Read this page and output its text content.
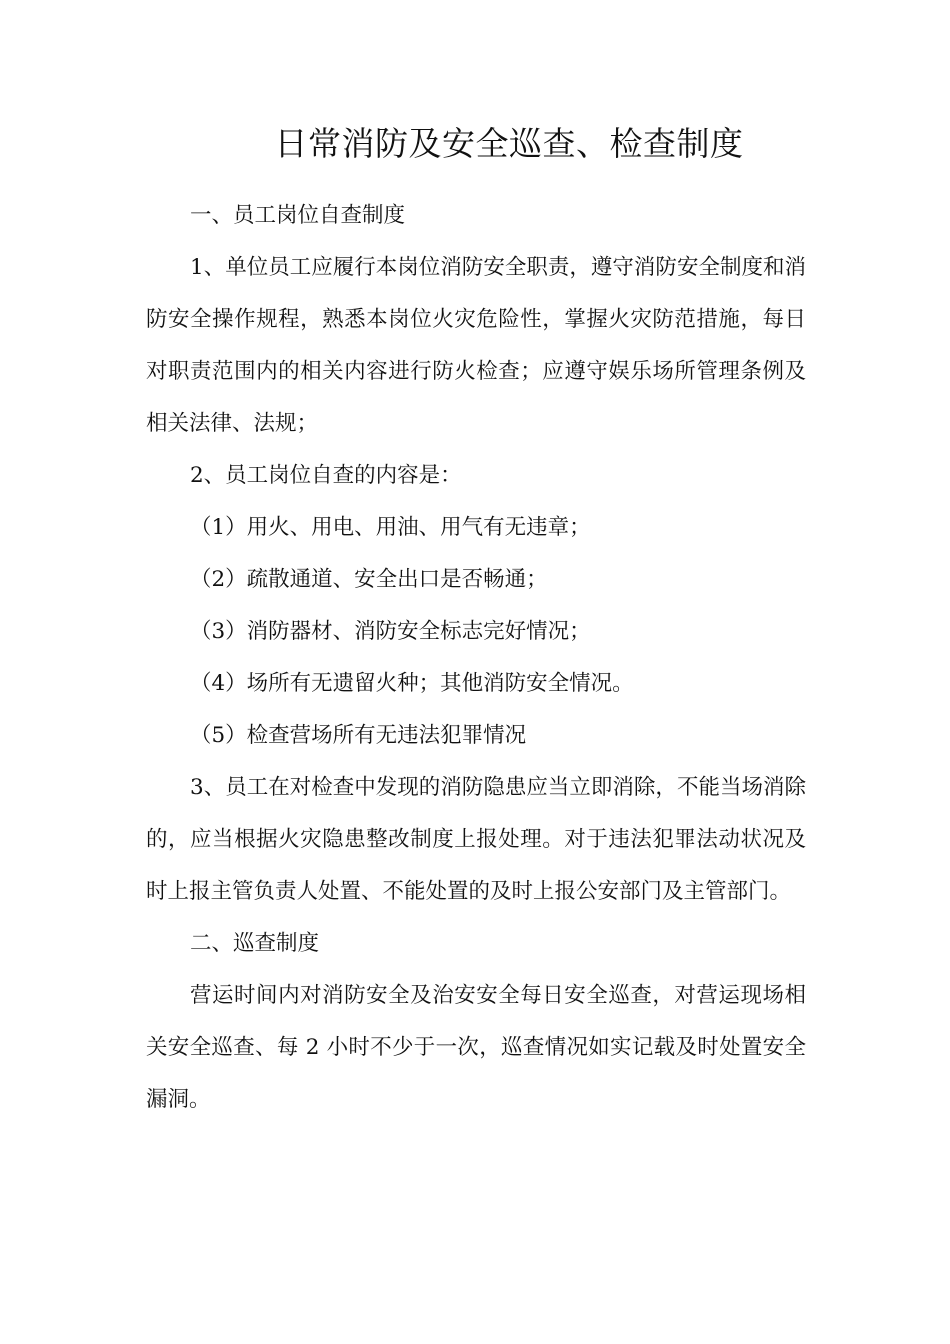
日常消防及安全巡查、检查制度

一、员工岗位自查制度

1、单位员工应履行本岗位消防安全职责，遵守消防安全制度和消防安全操作规程，熟悉本岗位火灾危险性，掌握火灾防范措施，每日对职责范围内的相关内容进行防火检查；应遵守娱乐场所管理条例及相关法律、法规；

2、员工岗位自查的内容是：

（1）用火、用电、用油、用气有无违章；

（2）疏散通道、安全出口是否畅通；

（3）消防器材、消防安全标志完好情况；

（4）场所有无遗留火种；其他消防安全情况。

（5）检查营场所有无违法犯罪情况

3、员工在对检查中发现的消防隐患应当立即消除，不能当场消除的，应当根据火灾隐患整改制度上报处理。对于违法犯罪法动状况及时上报主管负责人处置、不能处置的及时上报公安部门及主管部门。

二、巡查制度

营运时间内对消防安全及治安安全每日安全巡查，对营运现场相关安全巡查、每 2 小时不少于一次，巡查情况如实记载及时处置安全漏洞。
